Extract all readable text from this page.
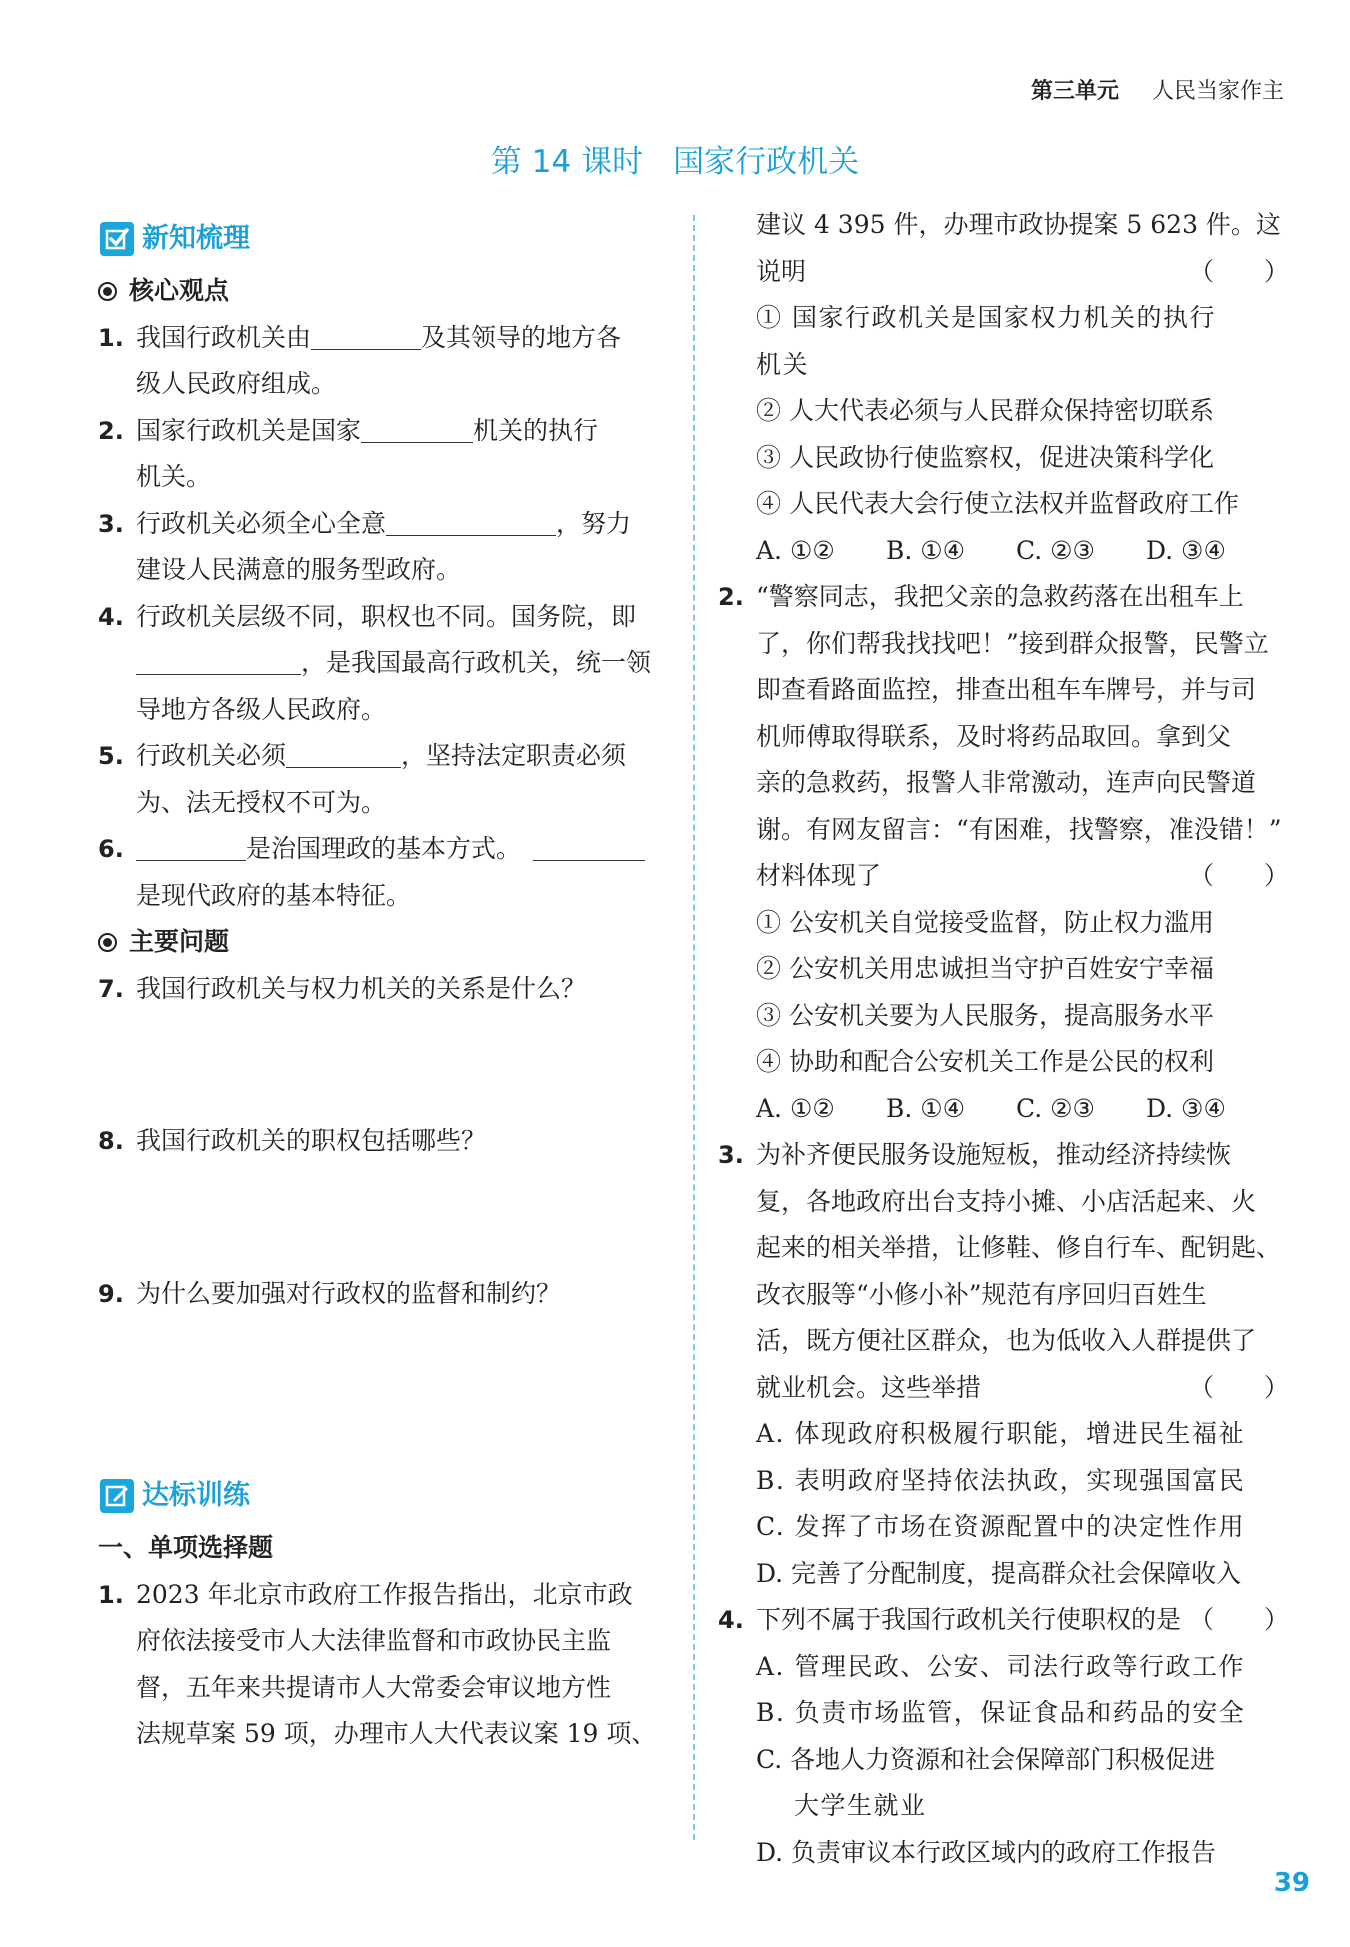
第三单元 人民当家作主
第 14 课时 国家行政机关
新知梳理
核心观点
1. 我国行政机关由	及其领导的地方各
级人民政府组成。
2. 国家行政机关是国家	机关的执行
机关。
3. 行政机关必须全心全意	，努力
建设人民满意的服务型政府。
4. 行政机关层级不同，职权也不同。国务院，即
，是我国最高行政机关，统一领
导地方各级人民政府。
5. 行政机关必须	，坚持法定职责必须
为、法无授权不可为。
6.	是治国理政的基本方式。
是现代政府的基本特征。
主要问题
7. 我国行政机关与权力机关的关系是什么？
8. 我国行政机关的职权包括哪些？
9. 为什么要加强对行政权的监督和制约？
达标训练
一、单项选择题
1. 2023 年北京市政府工作报告指出，北京市政
府依法接受市人大法律监督和市政协民主监
督，五年来共提请市人大常委会审议地方性
法规草案 59 项，办理市人大代表议案 19 项、
建议 4 395 件，办理市政协提案 5 623 件。这
说明	（　　）
① 国家行政机关是国家权力机关的执行
机关
② 人大代表必须与人民群众保持密切联系
③ 人民政协行使监察权，促进决策科学化
④ 人民代表大会行使立法权并监督政府工作
A. ①②	B. ①④	C. ②③	D. ③④
2. “警察同志，我把父亲的急救药落在出租车上
了，你们帮我找找吧！”接到群众报警，民警立
即查看路面监控，排查出租车车牌号，并与司
机师傅取得联系，及时将药品取回。拿到父
亲的急救药，报警人非常激动，连声向民警道
谢。有网友留言：“有困难，找警察，准没错！”
材料体现了	（　　）
① 公安机关自觉接受监督，防止权力滥用
② 公安机关用忠诚担当守护百姓安宁幸福
③ 公安机关要为人民服务，提高服务水平
④ 协助和配合公安机关工作是公民的权利
A. ①②	B. ①④	C. ②③	D. ③④
3. 为补齐便民服务设施短板，推动经济持续恢
复，各地政府出台支持小摊、小店活起来、火
起来的相关举措，让修鞋、修自行车、配钥匙、
改衣服等“小修小补”规范有序回归百姓生
活，既方便社区群众，也为低收入人群提供了
就业机会。这些举措	（　　）
A. 体现政府积极履行职能，增进民生福祉
B. 表明政府坚持依法执政，实现强国富民
C. 发挥了市场在资源配置中的决定性作用
D. 完善了分配制度，提高群众社会保障收入
4. 下列不属于我国行政机关行使职权的是 （　　）
A. 管理民政、公安、司法行政等行政工作
B. 负责市场监管，保证食品和药品的安全
C. 各地人力资源和社会保障部门积极促进
大学生就业
D. 负责审议本行政区域内的政府工作报告
39
